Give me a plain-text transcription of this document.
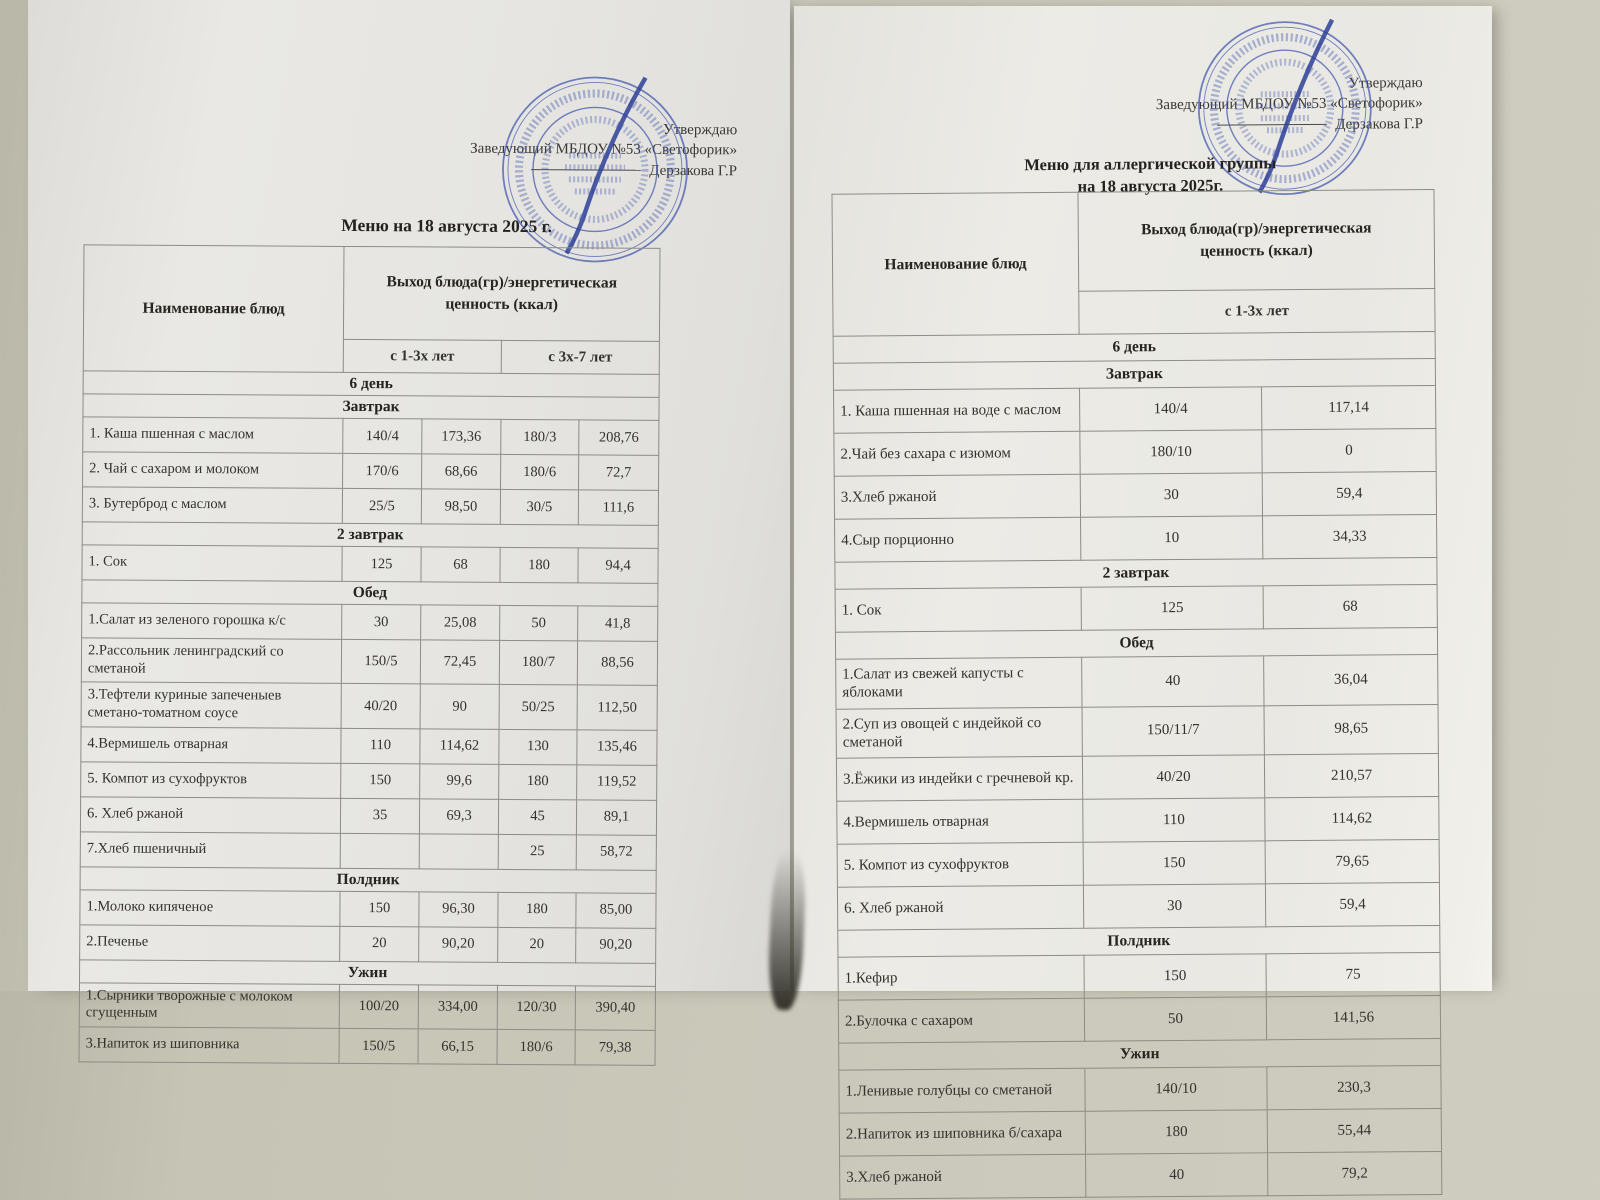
Утверждаю
Заведующий МБДОУ №53 «Светофорик»
Дерзакова Г.Р
Меню на 18 августа 2025 г.
Наименование блюд	Выход блюда(гр)/энергетическая ценность (ккал)			
	с 1-3х лет		с 3х-7 лет	
6 день				
Завтрак				
1. Каша пшенная с маслом	140/4	173,36	180/3	208,76
2. Чай с сахаром и молоком	170/6	68,66	180/6	72,7
3. Бутерброд с маслом	25/5	98,50	30/5	111,6
2 завтрак				
1. Сок	125	68	180	94,4
Обед				
1.Салат из зеленого горошка к/с	30	25,08	50	41,8
2.Рассольник ленинградский со сметаной	150/5	72,45	180/7	88,56
3.Тефтели куриные запеченыев сметано-томатном соусе	40/20	90	50/25	112,50
4.Вермишель отварная	110	114,62	130	135,46
5. Компот из сухофруктов	150	99,6	180	119,52
6. Хлеб ржаной	35	69,3	45	89,1
7.Хлеб пшеничный			25	58,72
Полдник				
1.Молоко кипяченое	150	96,30	180	85,00
2.Печенье	20	90,20	20	90,20
Ужин				
1.Сырники творожные с молоком сгущенным	100/20	334,00	120/30	390,40
3.Напиток из шиповника	150/5	66,15	180/6	79,38
Утверждаю
Заведующий МБДОУ №53 «Светофорик»
Дерзакова Г.Р
Меню для аллергической группы
на 18 августа 2025г.
Наименование блюд	Выход блюда(гр)/энергетическая ценность (ккал)	
	с 1-3х лет	
6 день		
Завтрак		
1. Каша пшенная на воде с маслом	140/4	117,14
2.Чай без сахара с изюмом	180/10	0
3.Хлеб ржаной	30	59,4
4.Сыр порционно	10	34,33
2 завтрак		
1. Сок	125	68
Обед		
1.Салат из свежей капусты с яблоками	40	36,04
2.Суп из овощей с индейкой со сметаной	150/11/7	98,65
3.Ёжики из индейки с гречневой кр.	40/20	210,57
4.Вермишель отварная	110	114,62
5. Компот из сухофруктов	150	79,65
6. Хлеб ржаной	30	59,4
Полдник		
1.Кефир	150	75
2.Булочка с сахаром	50	141,56
Ужин		
1.Ленивые голубцы со сметаной	140/10	230,3
2.Напиток из шиповника б/сахара	180	55,44
3.Хлеб ржаной	40	79,2
